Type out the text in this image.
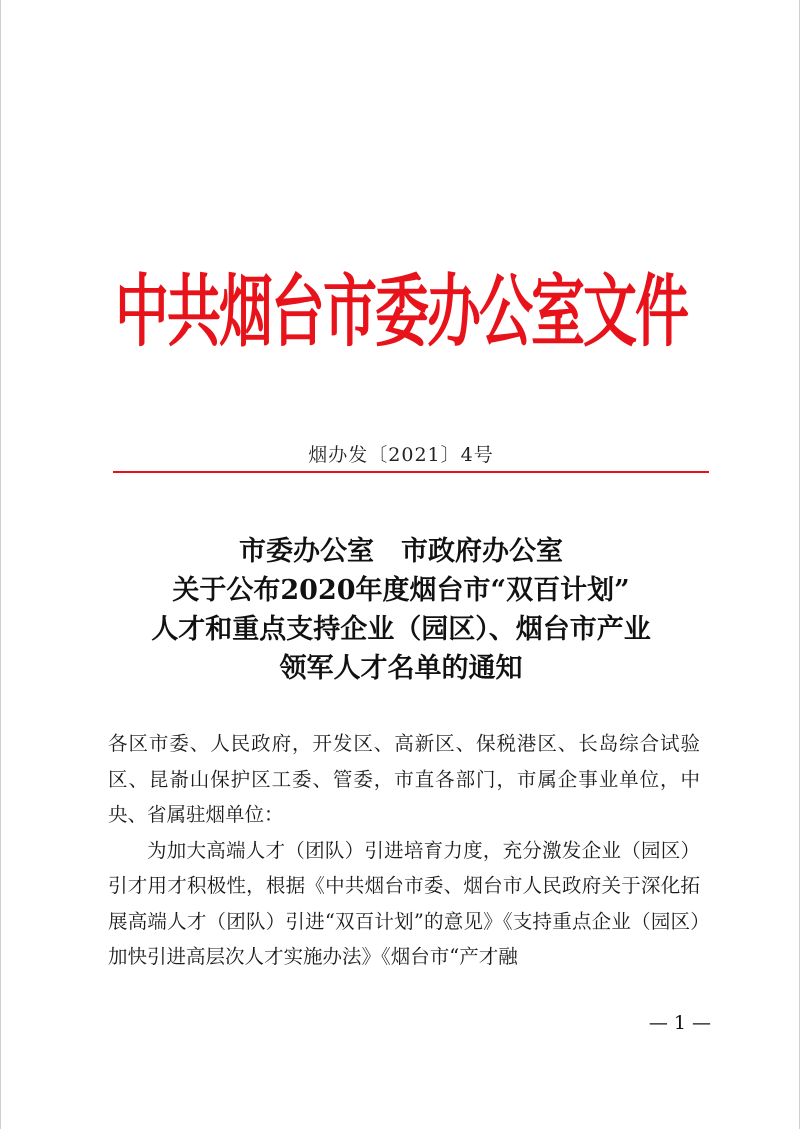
中共烟台市委办公室文件
烟办发〔2021〕4号
市委办公室　市政府办公室
关于公布2020年度烟台市“双百计划”
人才和重点支持企业（园区）、烟台市产业
领军人才名单的通知

各区市委、人民政府，开发区、高新区、保税港区、长岛综合试验区、昆嵛山保护区工委、管委，市直各部门，市属企事业单位，中央、省属驻烟单位：

为加大高端人才（团队）引进培育力度，充分激发企业（园区）引才用才积极性，根据《中共烟台市委、烟台市人民政府关于深化拓展高端人才（团队）引进“双百计划”的意见》《支持重点企业（园区）加快引进高层次人才实施办法》《烟台市“产才融

— 1 —
